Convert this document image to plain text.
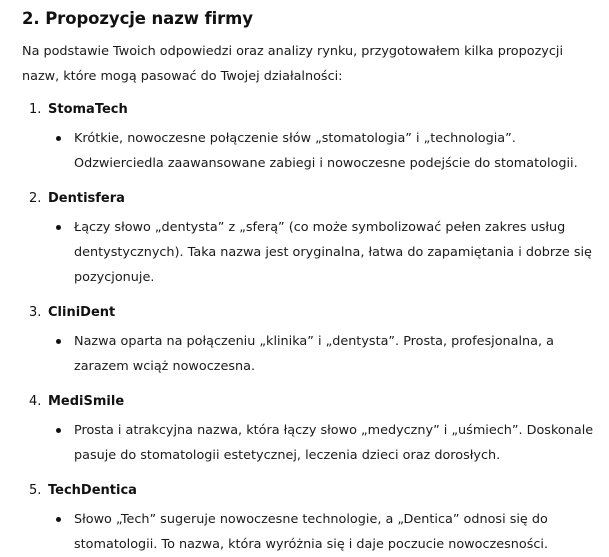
2. Propozycje nazw firmy
Na podstawie Twoich odpowiedzi oraz analizy rynku, przygotowałem kilka propozycji nazw, które mogą pasować do Twojej działalności:
1. StomaTech
Krótkie, nowoczesne połączenie słów „stomatologia” i „technologia”. Odzwierciedla zaawansowane zabiegi i nowoczesne podejście do stomatologii.
2. Dentisfera
Łączy słowo „dentysta” z „sferą” (co może symbolizować pełen zakres usług dentystycznych). Taka nazwa jest oryginalna, łatwa do zapamiętania i dobrze się pozycjonuje.
3. CliniDent
Nazwa oparta na połączeniu „klinika” i „dentysta”. Prosta, profesjonalna, a zarazem wciąż nowoczesna.
4. MediSmile
Prosta i atrakcyjna nazwa, która łączy słowo „medyczny” i „uśmiech”. Doskonale pasuje do stomatologii estetycznej, leczenia dzieci oraz dorosłych.
5. TechDentica
Słowo „Tech” sugeruje nowoczesne technologie, a „Dentica” odnosi się do stomatologii. To nazwa, która wyróżnia się i daje poczucie nowoczesności.
